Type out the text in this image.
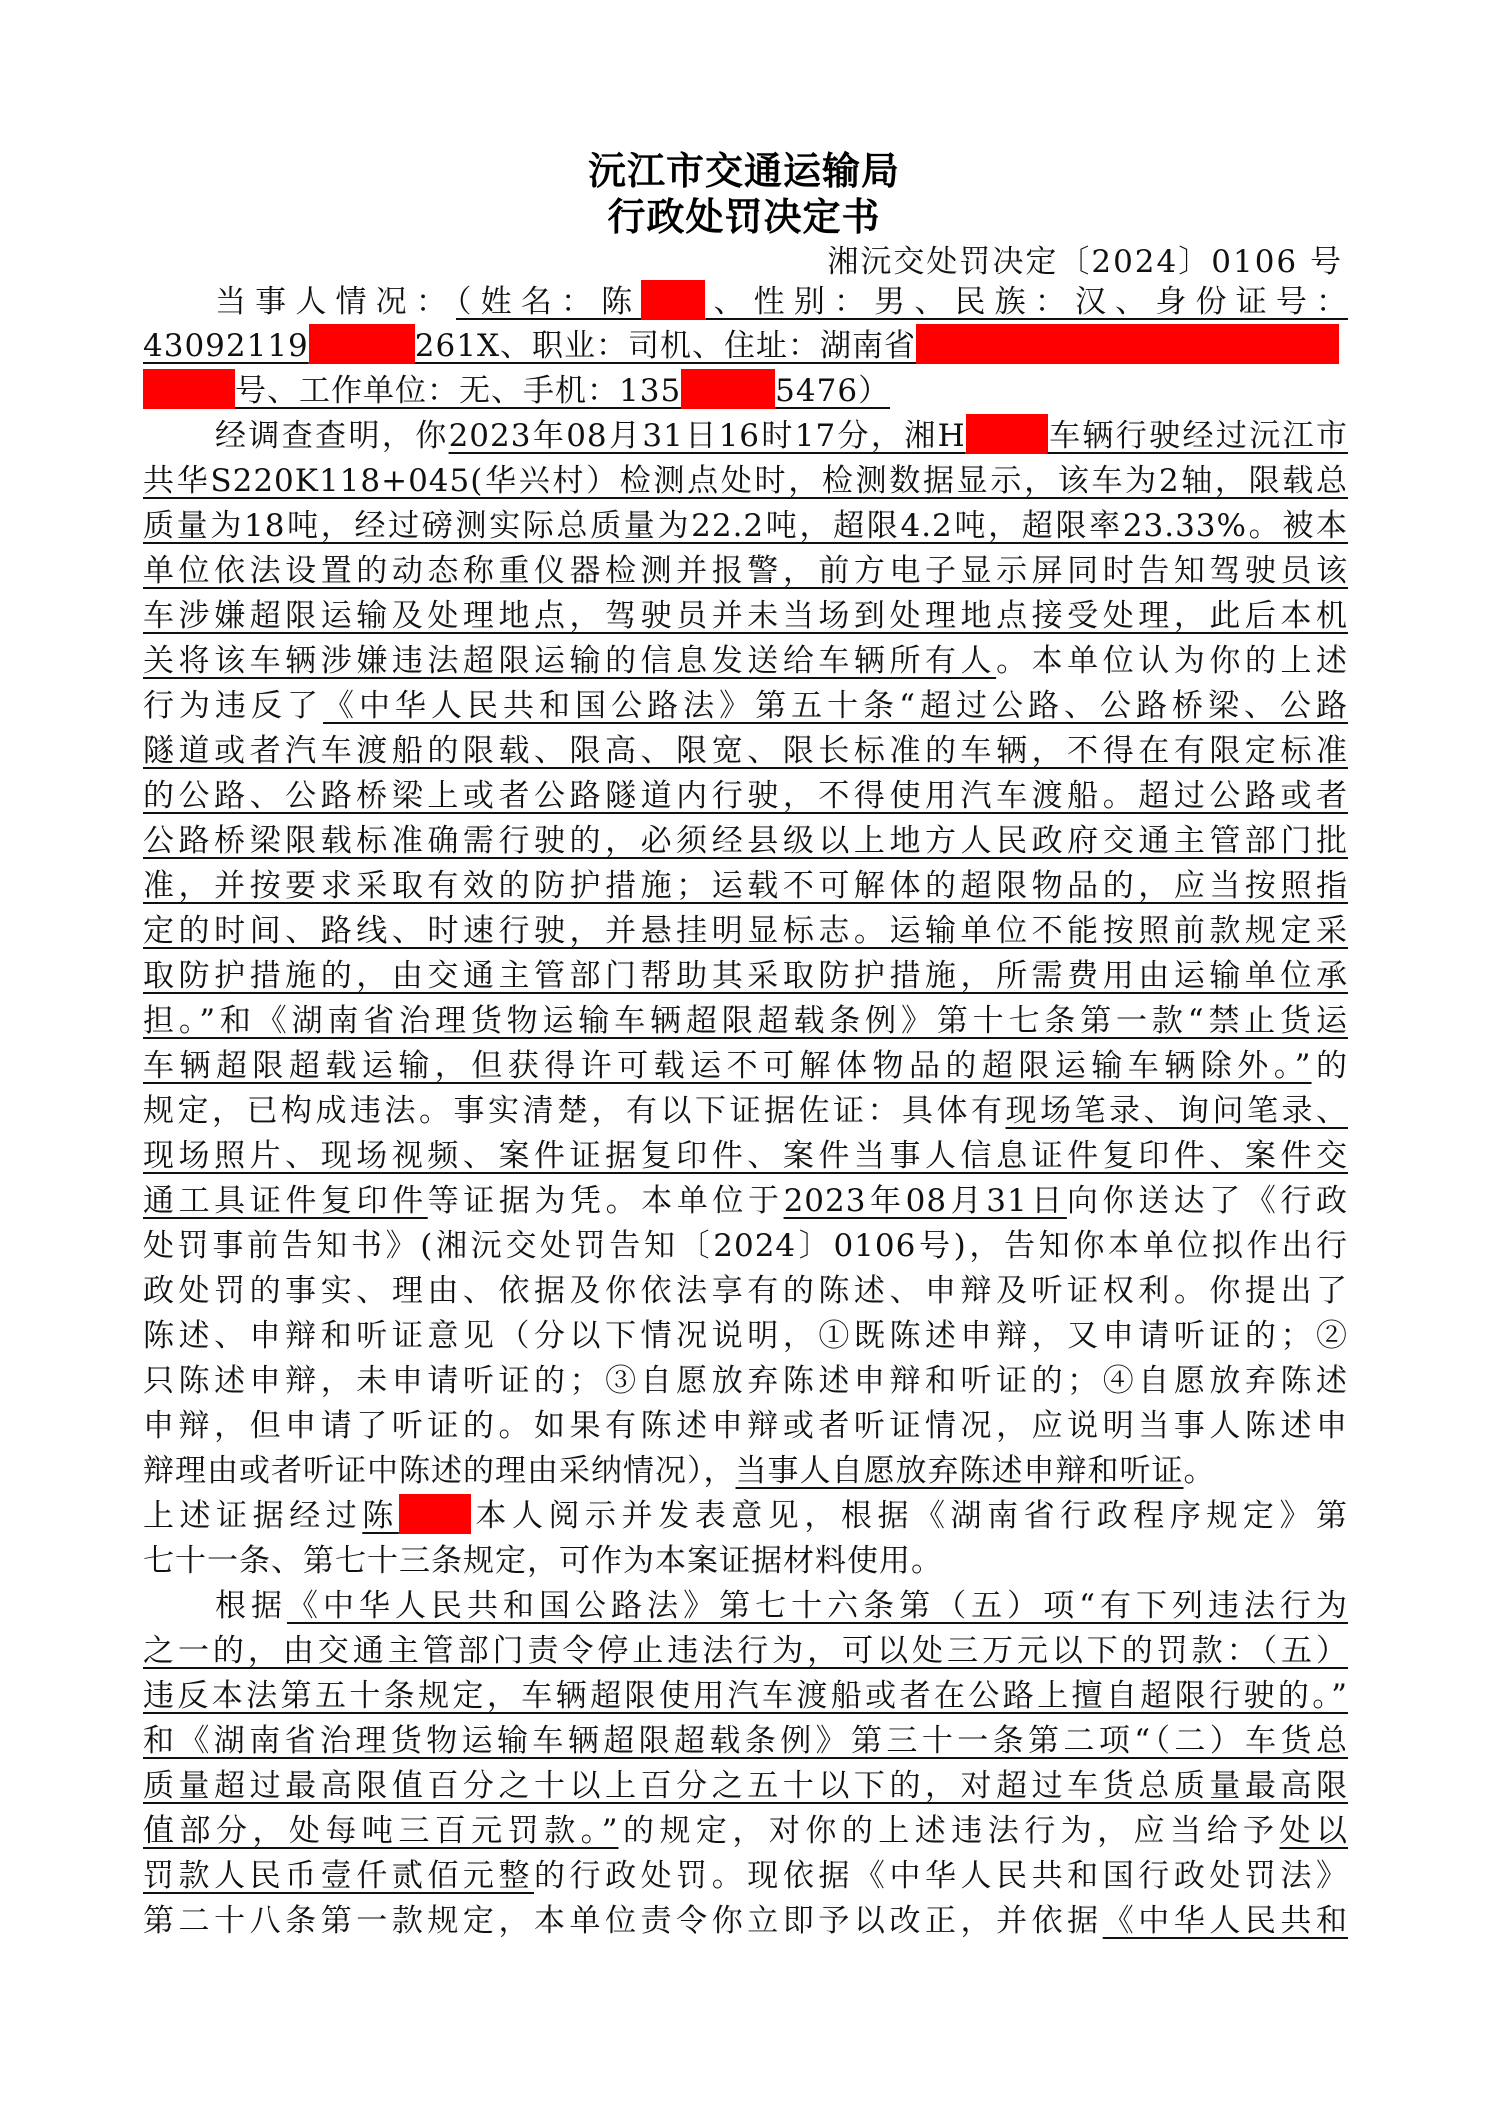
沅江市交通运输局
行政处罚决定书
湘沅交处罚决定〔2024〕0106 号
当事人情况：（姓名：陈 、性别：男、民族：汉、身份证号：
43092119	261X、职业：司机、住址：湖南省
号、工作单位：无、手机：135	5476）
经调查查明，你2023年08月31日16时17分，湘H	车辆行驶经过沅江市
共华S220K118+045(华兴村）检测点处时，检测数据显示，该车为2轴，限载总
质量为18吨，经过磅测实际总质量为22.2吨，超限4.2吨，超限率23.33%。被本
单位依法设置的动态称重仪器检测并报警，前方电子显示屏同时告知驾驶员该
车涉嫌超限运输及处理地点，驾驶员并未当场到处理地点接受处理，此后本机
关将该车辆涉嫌违法超限运输的信息发送给车辆所有人。本单位认为你的上述
行为违反了《中华人民共和国公路法》第五十条“超过公路、公路桥梁、公路
隧道或者汽车渡船的限载、限高、限宽、限长标准的车辆，不得在有限定标准
的公路、公路桥梁上或者公路隧道内行驶，不得使用汽车渡船。超过公路或者
公路桥梁限载标准确需行驶的，必须经县级以上地方人民政府交通主管部门批
准，并按要求采取有效的防护措施；运载不可解体的超限物品的，应当按照指
定的时间、路线、时速行驶，并悬挂明显标志。运输单位不能按照前款规定采
取防护措施的，由交通主管部门帮助其采取防护措施，所需费用由运输单位承
担。”和《湖南省治理货物运输车辆超限超载条例》第十七条第一款“禁止货运
车辆超限超载运输，但获得许可载运不可解体物品的超限运输车辆除外。”的
规定，已构成违法。事实清楚，有以下证据佐证：具体有现场笔录、询问笔录、
现场照片、现场视频、案件证据复印件、案件当事人信息证件复印件、案件交
通工具证件复印件等证据为凭。本单位于2023年08月31日向你送达了《行政
处罚事前告知书》(湘沅交处罚告知〔2024〕0106号)，告知你本单位拟作出行
政处罚的事实、理由、依据及你依法享有的陈述、申辩及听证权利。你提出了
陈述、申辩和听证意见（分以下情况说明，①既陈述申辩，又申请听证的；②
只陈述申辩，未申请听证的；③自愿放弃陈述申辩和听证的；④自愿放弃陈述
申辩，但申请了听证的。如果有陈述申辩或者听证情况，应说明当事人陈述申
辩理由或者听证中陈述的理由采纳情况），当事人自愿放弃陈述申辩和听证。
上述证据经过陈 本人阅示并发表意见，根据《湖南省行政程序规定》第
七十一条、第七十三条规定，可作为本案证据材料使用。
根据《中华人民共和国公路法》第七十六条第（五）项“有下列违法行为
之一的，由交通主管部门责令停止违法行为，可以处三万元以下的罚款：（五）
违反本法第五十条规定，车辆超限使用汽车渡船或者在公路上擅自超限行驶的。”
和《湖南省治理货物运输车辆超限超载条例》第三十一条第二项“（二）车货总
质量超过最高限值百分之十以上百分之五十以下的，对超过车货总质量最高限
值部分，处每吨三百元罚款。”的规定，对你的上述违法行为，应当给予处以
罚款人民币壹仟贰佰元整的行政处罚。现依据《中华人民共和国行政处罚法》
第二十八条第一款规定，本单位责令你立即予以改正，并依据《中华人民共和
